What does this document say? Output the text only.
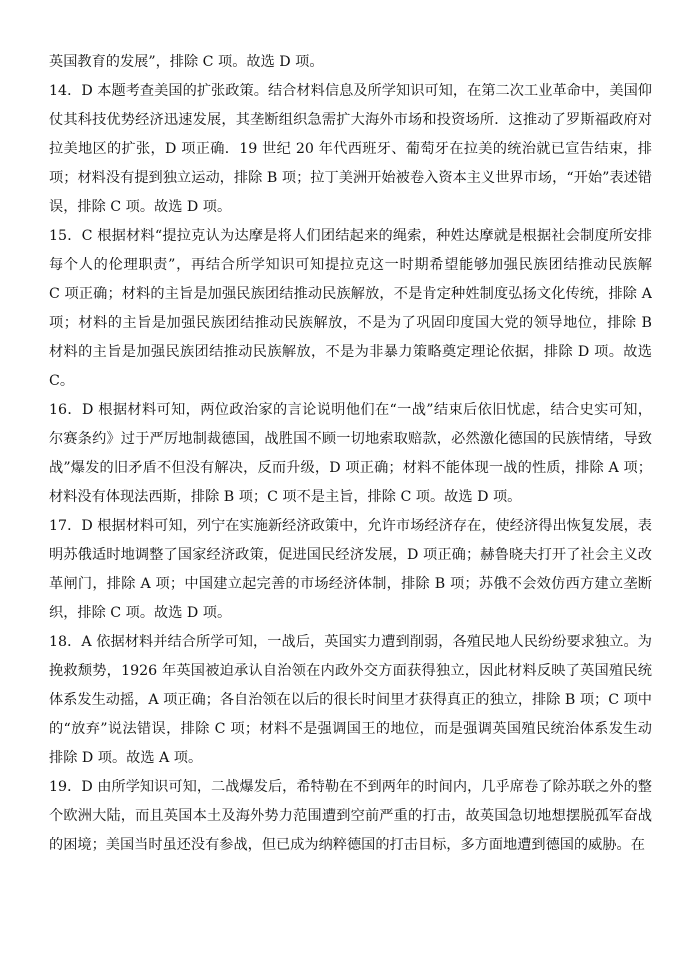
英国教育的发展”，排除 C 项。故选 D 项。
14．D 本题考查美国的扩张政策。结合材料信息及所学知识可知，在第二次工业革命中，美国仰
仗其科技优势经济迅速发展，其垄断组织急需扩大海外市场和投资场所．这推动了罗斯福政府对
拉美地区的扩张，D 项正确．19 世纪 20 年代西班牙、葡萄牙在拉美的统治就已宣告结束，排
项；材料没有提到独立运动，排除 B 项；拉丁美洲开始被卷入资本主义世界市场，“开始”表述错
误，排除 C 项。故选 D 项。
15．C 根据材料“提拉克认为达摩是将人们团结起来的绳索，种姓达摩就是根据社会制度所安排
每个人的伦理职责”，再结合所学知识可知提拉克这一时期希望能够加强民族团结推动民族解
C 项正确；材料的主旨是加强民族团结推动民族解放，不是肯定种姓制度弘扬文化传统，排除 A
项；材料的主旨是加强民族团结推动民族解放，不是为了巩固印度国大党的领导地位，排除 B
材料的主旨是加强民族团结推动民族解放，不是为非暴力策略奠定理论依据，排除 D 项。故选
C。
16．D 根据材料可知，两位政治家的言论说明他们在“一战”结束后依旧忧虑，结合史实可知，
尔赛条约》过于严厉地制裁德国，战胜国不顾一切地索取赔款，必然激化德国的民族情绪，导致
战”爆发的旧矛盾不但没有解决，反而升级，D 项正确；材料不能体现一战的性质，排除 A 项；
材料没有体现法西斯，排除 B 项；C 项不是主旨，排除 C 项。故选 D 项。
17．D 根据材料可知，列宁在实施新经济政策中，允许市场经济存在，使经济得出恢复发展，表
明苏俄适时地调整了国家经济政策，促进国民经济发展，D 项正确；赫鲁晓夫打开了社会主义改
革闸门，排除 A 项；中国建立起完善的市场经济体制，排除 B 项；苏俄不会效仿西方建立垄断
织，排除 C 项。故选 D 项。
18．A 依据材料并结合所学可知，一战后，英国实力遭到削弱，各殖民地人民纷纷要求独立。为
挽救颓势，1926 年英国被迫承认自治领在内政外交方面获得独立，因此材料反映了英国殖民统
体系发生动摇，A 项正确；各自治领在以后的很长时间里才获得真正的独立，排除 B 项；C 项中
的“放弃”说法错误，排除 C 项；材料不是强调国王的地位，而是强调英国殖民统治体系发生动
排除 D 项。故选 A 项。
19．D 由所学知识可知，二战爆发后，希特勒在不到两年的时间内，几乎席卷了除苏联之外的整
个欧洲大陆，而且英国本土及海外势力范围遭到空前严重的打击，故英国急切地想摆脱孤军奋战
的困境；美国当时虽还没有参战，但已成为纳粹德国的打击目标，多方面地遭到德国的威胁。在
